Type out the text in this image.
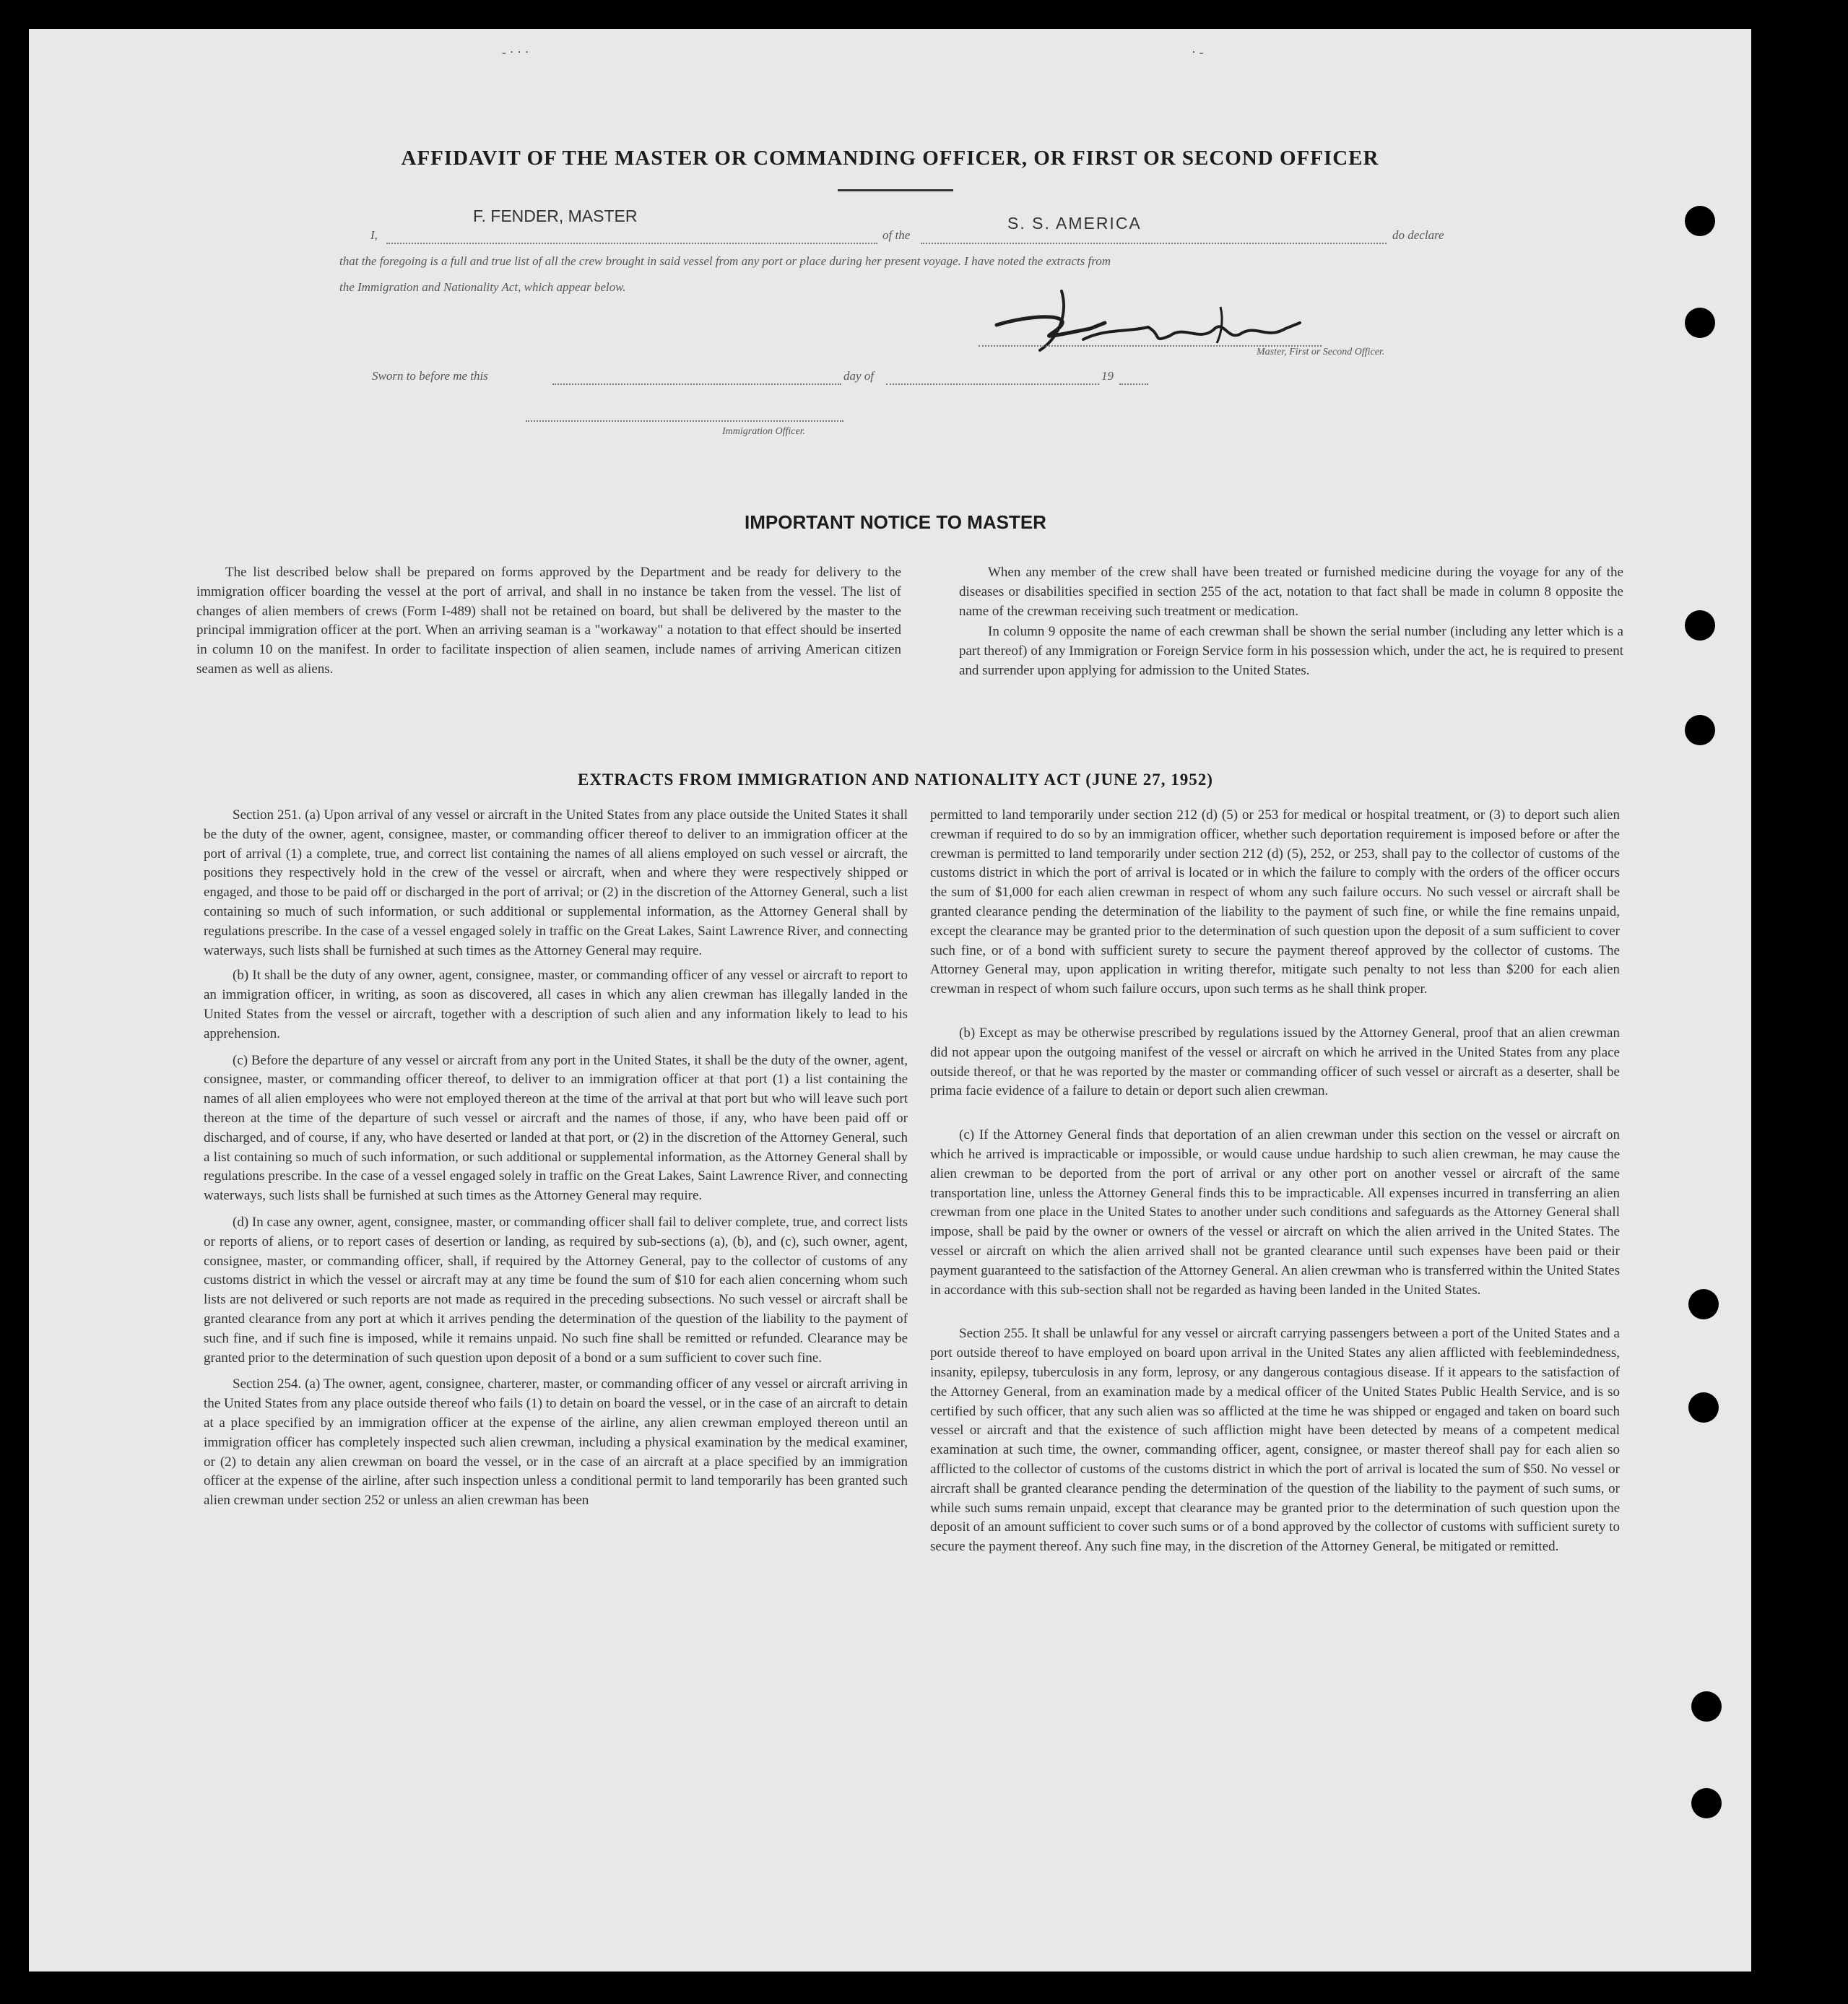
- · · ·	· -
AFFIDAVIT OF THE MASTER OR COMMANDING OFFICER, OR FIRST OR SECOND OFFICER
I,
F. FENDER, MASTER
of the
S. S. AMERICA
do declare
that the foregoing is a full and true list of all the crew brought in said vessel from any port or place during her present voyage. I have noted the extracts from
the Immigration and Nationality Act, which appear below.
Master, First or Second Officer.
Sworn to before me this	day of	19
Immigration Officer.
IMPORTANT NOTICE TO MASTER

The list described below shall be prepared on forms approved by the Department and be ready for delivery to the immigration officer boarding the vessel at the port of arrival, and shall in no instance be taken from the vessel. The list of changes of alien members of crews (Form I-489) shall not be retained on board, but shall be delivered by the master to the principal immigration officer at the port. When an arriving seaman is a "workaway" a notation to that effect should be inserted in column 10 on the manifest. In order to facilitate inspection of alien seamen, include names of arriving American citizen seamen as well as aliens.

When any member of the crew shall have been treated or furnished medicine during the voyage for any of the diseases or disabilities specified in section 255 of the act, notation to that fact shall be made in column 8 opposite the name of the crewman receiving such treatment or medication.

In column 9 opposite the name of each crewman shall be shown the serial number (including any letter which is a part thereof) of any Immigration or Foreign Service form in his possession which, under the act, he is required to present and surrender upon applying for admission to the United States.

EXTRACTS FROM IMMIGRATION AND NATIONALITY ACT (JUNE 27, 1952)

Section 251. (a) Upon arrival of any vessel or aircraft in the United States from any place outside the United States it shall be the duty of the owner, agent, consignee, master, or commanding officer thereof to deliver to an immigration officer at the port of arrival (1) a complete, true, and correct list containing the names of all aliens employed on such vessel or aircraft, the positions they respectively hold in the crew of the vessel or aircraft, when and where they were respectively shipped or engaged, and those to be paid off or discharged in the port of arrival; or (2) in the discretion of the Attorney General, such a list containing so much of such information, or such additional or supplemental information, as the Attorney General shall by regulations prescribe. In the case of a vessel engaged solely in traffic on the Great Lakes, Saint Lawrence River, and connecting waterways, such lists shall be furnished at such times as the Attorney General may require.

(b) It shall be the duty of any owner, agent, consignee, master, or commanding officer of any vessel or aircraft to report to an immigration officer, in writing, as soon as discovered, all cases in which any alien crewman has illegally landed in the United States from the vessel or aircraft, together with a description of such alien and any information likely to lead to his apprehension.

(c) Before the departure of any vessel or aircraft from any port in the United States, it shall be the duty of the owner, agent, consignee, master, or commanding officer thereof, to deliver to an immigration officer at that port (1) a list containing the names of all alien employees who were not employed thereon at the time of the arrival at that port but who will leave such port thereon at the time of the departure of such vessel or aircraft and the names of those, if any, who have been paid off or discharged, and of course, if any, who have deserted or landed at that port, or (2) in the discretion of the Attorney General, such a list containing so much of such information, or such additional or supplemental information, as the Attorney General shall by regulations prescribe. In the case of a vessel engaged solely in traffic on the Great Lakes, Saint Lawrence River, and connecting waterways, such lists shall be furnished at such times as the Attorney General may require.

(d) In case any owner, agent, consignee, master, or commanding officer shall fail to deliver complete, true, and correct lists or reports of aliens, or to report cases of desertion or landing, as required by sub-sections (a), (b), and (c), such owner, agent, consignee, master, or commanding officer, shall, if required by the Attorney General, pay to the collector of customs of any customs district in which the vessel or aircraft may at any time be found the sum of $10 for each alien concerning whom such lists are not delivered or such reports are not made as required in the preceding subsections. No such vessel or aircraft shall be granted clearance from any port at which it arrives pending the determination of the question of the liability to the payment of such fine, and if such fine is imposed, while it remains unpaid. No such fine shall be remitted or refunded. Clearance may be granted prior to the determination of such question upon deposit of a bond or a sum sufficient to cover such fine.

Section 254. (a) The owner, agent, consignee, charterer, master, or commanding officer of any vessel or aircraft arriving in the United States from any place outside thereof who fails (1) to detain on board the vessel, or in the case of an aircraft to detain at a place specified by an immigration officer at the expense of the airline, any alien crewman employed thereon until an immigration officer has completely inspected such alien crewman, including a physical examination by the medical examiner, or (2) to detain any alien crewman on board the vessel, or in the case of an aircraft at a place specified by an immigration officer at the expense of the airline, after such inspection unless a conditional permit to land temporarily has been granted such alien crewman under section 252 or unless an alien crewman has been

permitted to land temporarily under section 212 (d) (5) or 253 for medical or hospital treatment, or (3) to deport such alien crewman if required to do so by an immigration officer, whether such deportation requirement is imposed before or after the crewman is permitted to land temporarily under section 212 (d) (5), 252, or 253, shall pay to the collector of customs of the customs district in which the port of arrival is located or in which the failure to comply with the orders of the officer occurs the sum of $1,000 for each alien crewman in respect of whom any such failure occurs. No such vessel or aircraft shall be granted clearance pending the determination of the liability to the payment of such fine, or while the fine remains unpaid, except the clearance may be granted prior to the determination of such question upon the deposit of a sum sufficient to cover such fine, or of a bond with sufficient surety to secure the payment thereof approved by the collector of customs. The Attorney General may, upon application in writing therefor, mitigate such penalty to not less than $200 for each alien crewman in respect of whom such failure occurs, upon such terms as he shall think proper.

(b) Except as may be otherwise prescribed by regulations issued by the Attorney General, proof that an alien crewman did not appear upon the outgoing manifest of the vessel or aircraft on which he arrived in the United States from any place outside thereof, or that he was reported by the master or commanding officer of such vessel or aircraft as a deserter, shall be prima facie evidence of a failure to detain or deport such alien crewman.

(c) If the Attorney General finds that deportation of an alien crewman under this section on the vessel or aircraft on which he arrived is impracticable or impossible, or would cause undue hardship to such alien crewman, he may cause the alien crewman to be deported from the port of arrival or any other port on another vessel or aircraft of the same transportation line, unless the Attorney General finds this to be impracticable. All expenses incurred in transferring an alien crewman from one place in the United States to another under such conditions and safeguards as the Attorney General shall impose, shall be paid by the owner or owners of the vessel or aircraft on which the alien arrived in the United States. The vessel or aircraft on which the alien arrived shall not be granted clearance until such expenses have been paid or their payment guaranteed to the satisfaction of the Attorney General. An alien crewman who is transferred within the United States in accordance with this sub-section shall not be regarded as having been landed in the United States.

Section 255. It shall be unlawful for any vessel or aircraft carrying passengers between a port of the United States and a port outside thereof to have employed on board upon arrival in the United States any alien afflicted with feeblemindedness, insanity, epilepsy, tuberculosis in any form, leprosy, or any dangerous contagious disease. If it appears to the satisfaction of the Attorney General, from an examination made by a medical officer of the United States Public Health Service, and is so certified by such officer, that any such alien was so afflicted at the time he was shipped or engaged and taken on board such vessel or aircraft and that the existence of such affliction might have been detected by means of a competent medical examination at such time, the owner, commanding officer, agent, consignee, or master thereof shall pay for each alien so afflicted to the collector of customs of the customs district in which the port of arrival is located the sum of $50. No vessel or aircraft shall be granted clearance pending the determination of the question of the liability to the payment of such sums, or while such sums remain unpaid, except that clearance may be granted prior to the determination of such question upon the deposit of an amount sufficient to cover such sums or of a bond approved by the collector of customs with sufficient surety to secure the payment thereof. Any such fine may, in the discretion of the Attorney General, be mitigated or remitted.
